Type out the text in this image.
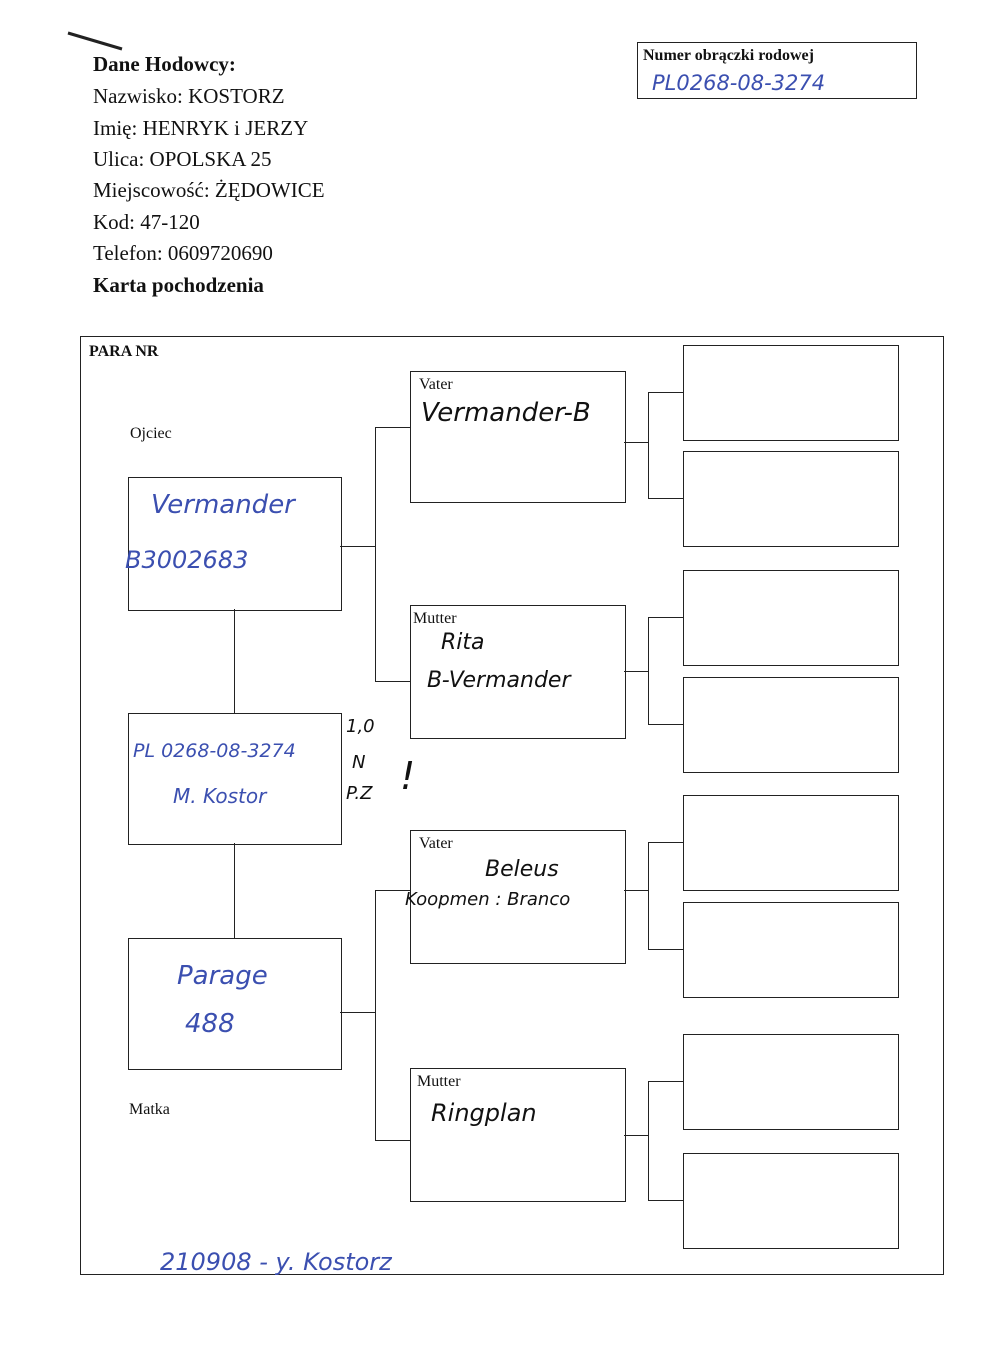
Dane Hodowcy:
Nazwisko: KOSTORZ
Imię: HENRYK i JERZY
Ulica: OPOLSKA 25
Miejscowość: ŻĘDOWICE
Kod: 47-120
Telefon: 0609720690
Karta pochodzenia
Numer obrączki rodowej
PL0268-08-3274
PARA NR
Ojciec
Matka
Vermander
B3002683
PL 0268-08-3274
M. Kostor
Parage
488
1,0
N
P.Z !
Vater
Vermander-B
Mutter
Rita
B-Vermander
Vater
Beleus
Koopmen : Branco
Mutter
Ringplan
210908 - y. Kostorz
